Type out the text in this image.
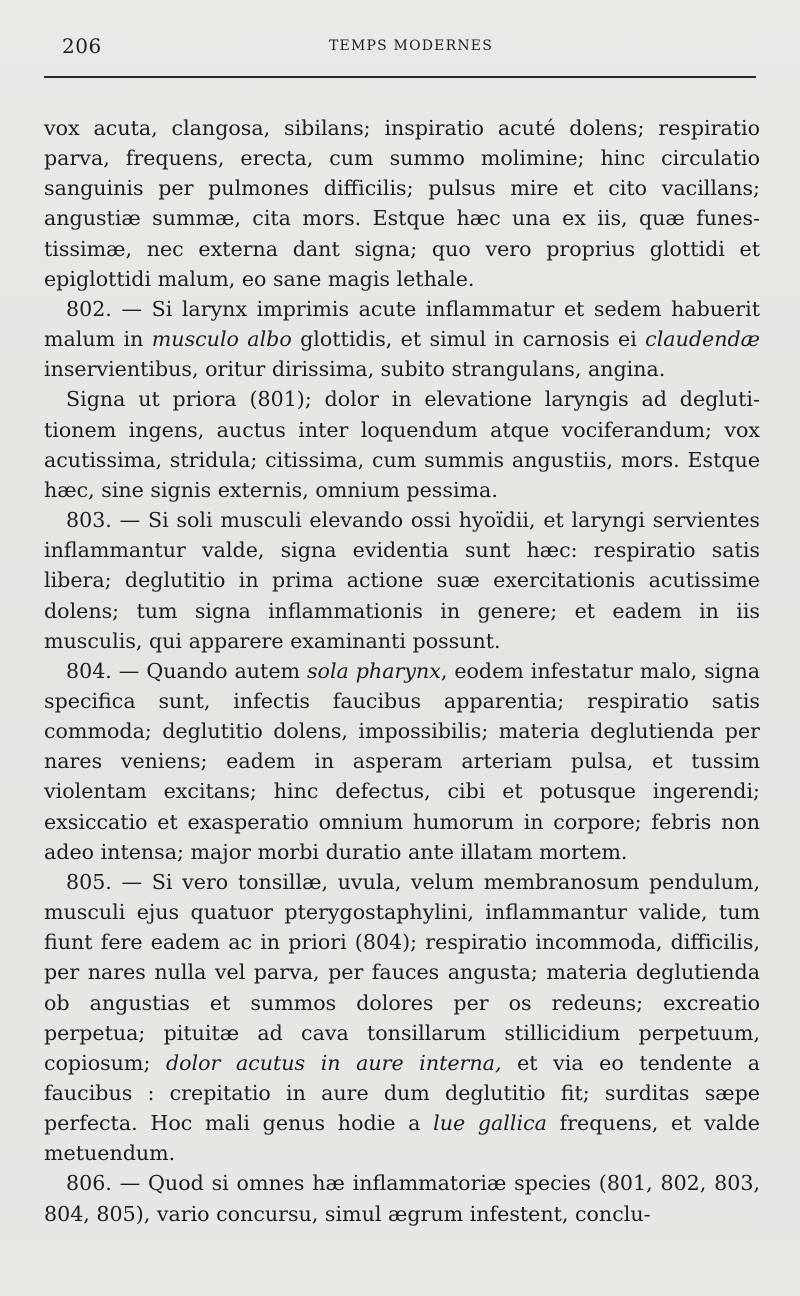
206	TEMPS MODERNES

vox acuta, clangosa, sibilans; inspiratio acuté dolens; respiratio parva, frequens, erecta, cum summo molimine; hinc circulatio sanguinis per pulmones difficilis; pulsus mire et cito vacillans; angustiæ summæ, cita mors. Estque hæc una ex iis, quæ funestissimæ, nec externa dant signa; quo vero proprius glottidi et epiglottidi malum, eo sane magis lethale.

802. — Si larynx imprimis acute inflammatur et sedem habuerit malum in musculo albo glottidis, et simul in carnosis ei claudendæ inservientibus, oritur dirissima, subito strangulans, angina.

Signa ut priora (801); dolor in elevatione laryngis ad deglutitionem ingens, auctus inter loquendum atque vociferandum; vox acutissima, stridula; citissima, cum summis angustiis, mors. Estque hæc, sine signis externis, omnium pessima.

803. — Si soli musculi elevando ossi hyoïdii, et laryngi servientes inflammantur valde, signa evidentia sunt hæc: respiratio satis libera; deglutitio in prima actione suæ exercitationis acutissime dolens; tum signa inflammationis in genere; et eadem in iis musculis, qui apparere examinanti possunt.

804. — Quando autem sola pharynx, eodem infestatur malo, signa specifica sunt, infectis faucibus apparentia; respiratio satis commoda; deglutitio dolens, impossibilis; materia deglutienda per nares veniens; eadem in asperam arteriam pulsa, et tussim violentam excitans; hinc defectus, cibi et potusque ingerendi; exsiccatio et exasperatio omnium humorum in corpore; febris non adeo intensa; major morbi duratio ante illatam mortem.

805. — Si vero tonsillæ, uvula, velum membranosum pendulum, musculi ejus quatuor pterygostaphylini, inflammantur valide, tum fiunt fere eadem ac in priori (804); respiratio incommoda, difficilis, per nares nulla vel parva, per fauces angusta; materia deglutienda ob angustias et summos dolores per os redeuns; excreatio perpetua; pituitæ ad cava tonsillarum stillicidium perpetuum, copiosum; dolor acutus in aure interna, et via eo tendente a faucibus : crepitatio in aure dum deglutitio fit; surditas sæpe perfecta. Hoc mali genus hodie a lue gallica frequens, et valde metuendum.

806. — Quod si omnes hæ inflammatoriæ species (801, 802, 803, 804, 805), vario concursu, simul ægrum infestent, conclu-
